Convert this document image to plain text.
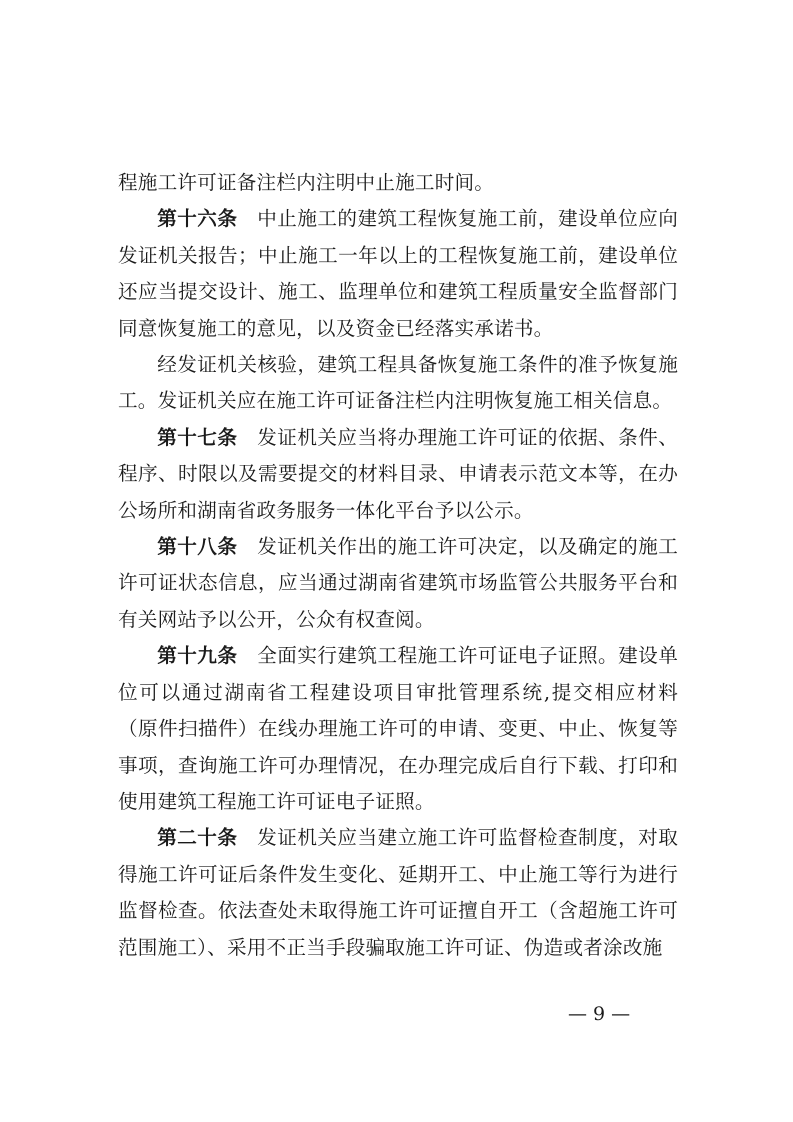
程施工许可证备注栏内注明中止施工时间。

第十六条 中止施工的建筑工程恢复施工前，建设单位应向发证机关报告；中止施工一年以上的工程恢复施工前，建设单位还应当提交设计、施工、监理单位和建筑工程质量安全监督部门同意恢复施工的意见，以及资金已经落实承诺书。

经发证机关核验，建筑工程具备恢复施工条件的准予恢复施工。发证机关应在施工许可证备注栏内注明恢复施工相关信息。

第十七条 发证机关应当将办理施工许可证的依据、条件、程序、时限以及需要提交的材料目录、申请表示范文本等，在办公场所和湖南省政务服务一体化平台予以公示。

第十八条 发证机关作出的施工许可决定，以及确定的施工许可证状态信息，应当通过湖南省建筑市场监管公共服务平台和有关网站予以公开，公众有权查阅。

第十九条 全面实行建筑工程施工许可证电子证照。建设单位可以通过湖南省工程建设项目审批管理系统,提交相应材料（原件扫描件）在线办理施工许可的申请、变更、中止、恢复等事项，查询施工许可办理情况，在办理完成后自行下载、打印和使用建筑工程施工许可证电子证照。

第二十条 发证机关应当建立施工许可监督检查制度，对取得施工许可证后条件发生变化、延期开工、中止施工等行为进行监督检查。依法查处未取得施工许可证擅自开工（含超施工许可范围施工）、采用不正当手段骗取施工许可证、伪造或者涂改施

— 9 —
